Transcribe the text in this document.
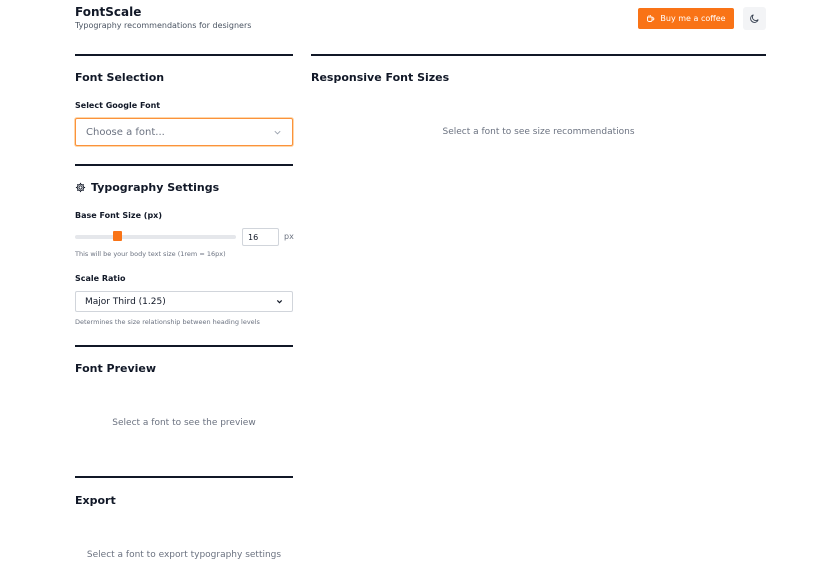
FontScale
Typography recommendations for designers
Buy me a coffee
Font Selection
Select Google Font
Choose a font...
Typography Settings
Base Font Size (px)
16
px
This will be your body text size (1rem = 16px)
Scale Ratio
Major Third (1.25)
Determines the size relationship between heading levels
Font Preview
Select a font to see the preview
Export
Select a font to export typography settings
Responsive Font Sizes
Select a font to see size recommendations
